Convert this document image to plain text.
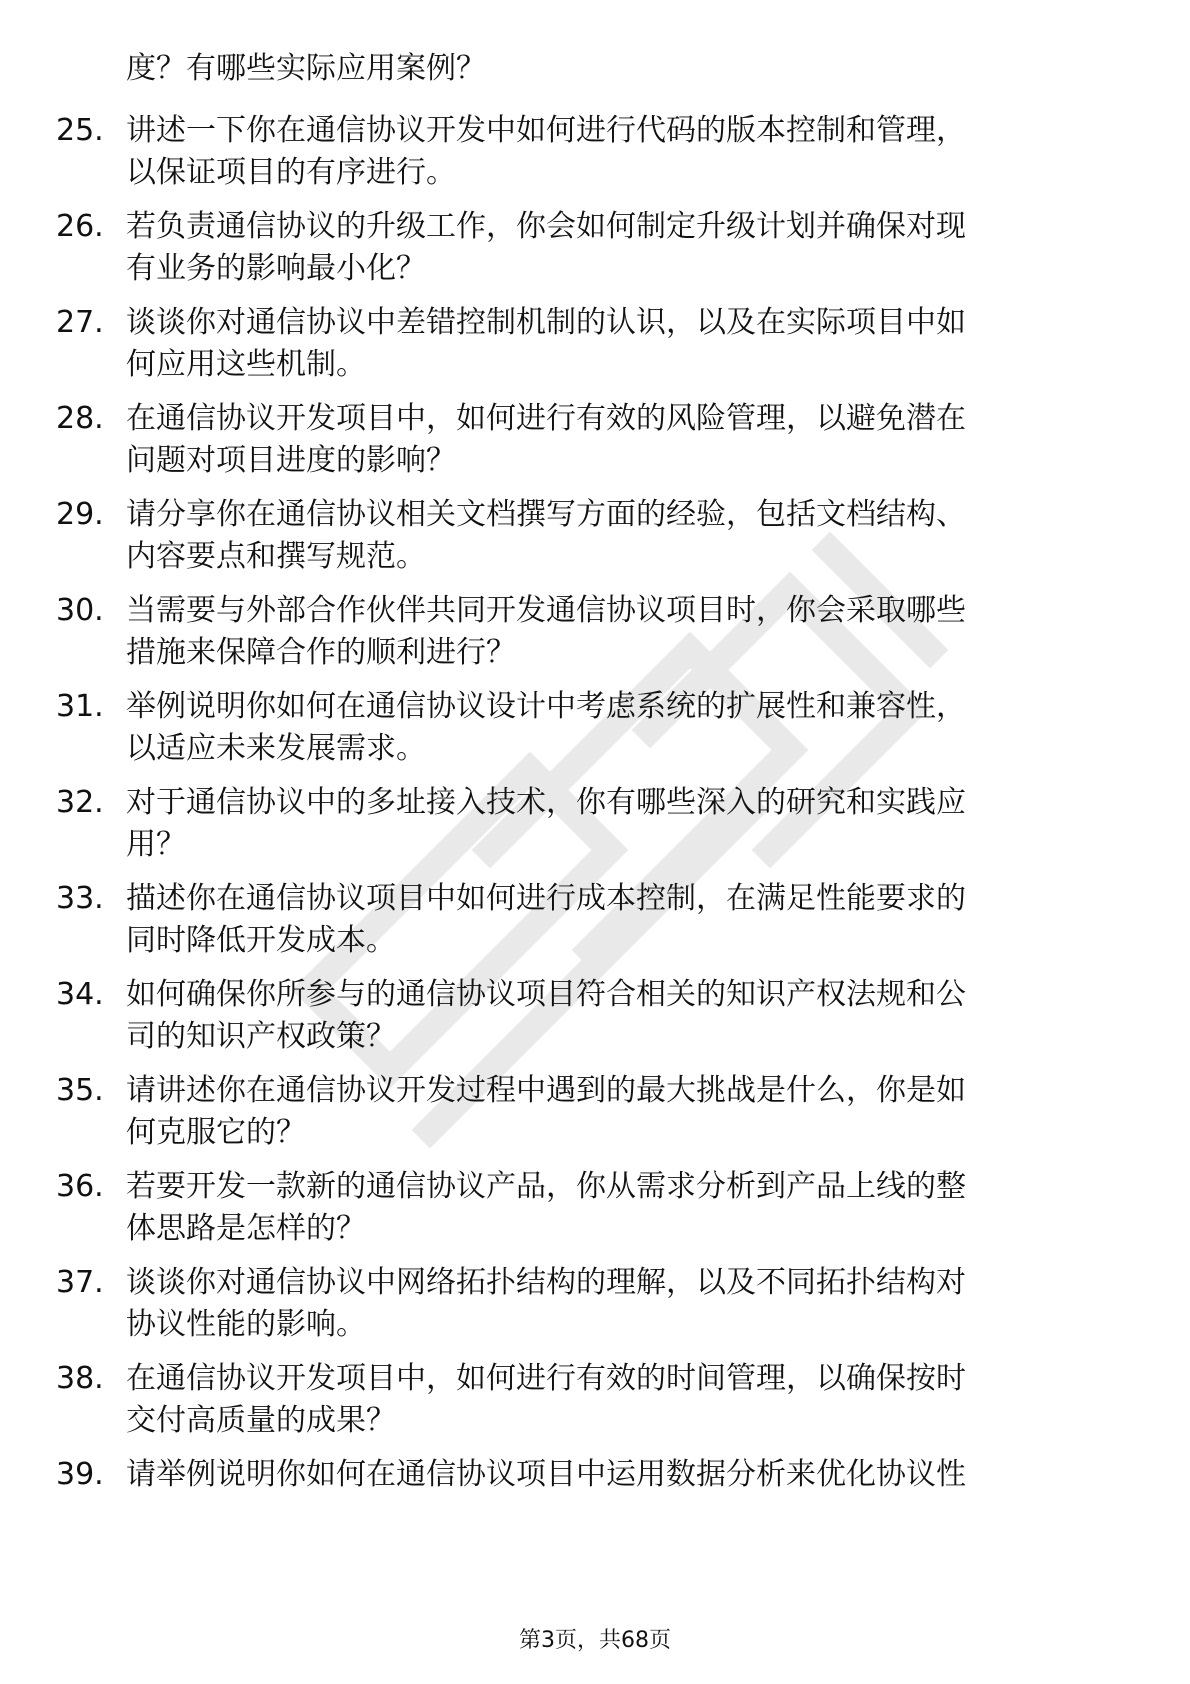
1. 度？有哪些实际应用案例？
2. 25. 讲述一下你在通信协议开发中如何进行代码的版本控制和管理，
以保证项目的有序进行。
3. 26. 若负责通信协议的升级工作，你会如何制定升级计划并确保对现
有业务的影响最小化？
4. 27. 谈谈你对通信协议中差错控制机制的认识，以及在实际项目中如
何应用这些机制。
5. 28. 在通信协议开发项目中，如何进行有效的风险管理，以避免潜在
问题对项目进度的影响？
6. 29. 请分享你在通信协议相关文档撰写方面的经验，包括文档结构、
内容要点和撰写规范。
7. 30. 当需要与外部合作伙伴共同开发通信协议项目时，你会采取哪些
措施来保障合作的顺利进行？
8. 31. 举例说明你如何在通信协议设计中考虑系统的扩展性和兼容性，
以适应未来发展需求。
9. 32. 对于通信协议中的多址接入技术，你有哪些深入的研究和实践应
用？
10. 33. 描述你在通信协议项目中如何进行成本控制，在满足性能要求的
同时降低开发成本。
11. 34. 如何确保你所参与的通信协议项目符合相关的知识产权法规和公
司的知识产权政策？
12. 35. 请讲述你在通信协议开发过程中遇到的最大挑战是什么，你是如
何克服它的？
13. 36. 若要开发一款新的通信协议产品，你从需求分析到产品上线的整
体思路是怎样的？
14. 37. 谈谈你对通信协议中网络拓扑结构的理解，以及不同拓扑结构对
协议性能的影响。
15. 38. 在通信协议开发项目中，如何进行有效的时间管理，以确保按时
交付高质量的成果？
16. 39. 请举例说明你如何在通信协议项目中运用数据分析来优化协议性
第3页，共68页
